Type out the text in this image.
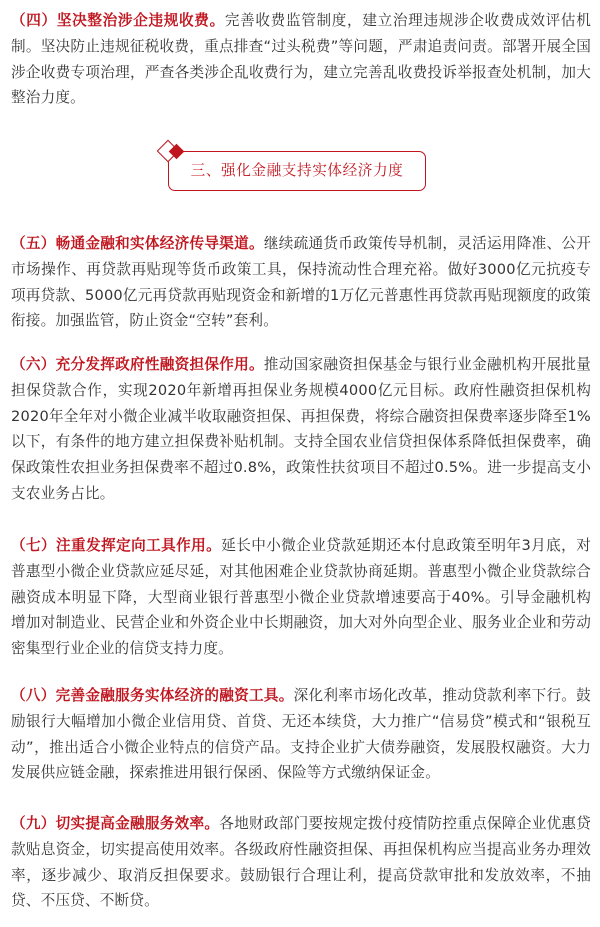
（四）坚决整治涉企违规收费。完善收费监管制度，建立治理违规涉企收费成效评估机制。坚决防止违规征税收费，重点排查“过头税费”等问题，严肃追责问责。部署开展全国涉企收费专项治理，严查各类涉企乱收费行为，建立完善乱收费投诉举报查处机制，加大整治力度。

三、强化金融支持实体经济力度

（五）畅通金融和实体经济传导渠道。继续疏通货币政策传导机制，灵活运用降准、公开市场操作、再贷款再贴现等货币政策工具，保持流动性合理充裕。做好3000亿元抗疫专项再贷款、5000亿元再贷款再贴现资金和新增的1万亿元普惠性再贷款再贴现额度的政策衔接。加强监管，防止资金“空转”套利。

（六）充分发挥政府性融资担保作用。推动国家融资担保基金与银行业金融机构开展批量担保贷款合作，实现2020年新增再担保业务规模4000亿元目标。政府性融资担保机构2020年全年对小微企业减半收取融资担保、再担保费，将综合融资担保费率逐步降至1%以下，有条件的地方建立担保费补贴机制。支持全国农业信贷担保体系降低担保费率，确保政策性农担业务担保费率不超过0.8%，政策性扶贫项目不超过0.5%。进一步提高支小支农业务占比。

（七）注重发挥定向工具作用。延长中小微企业贷款延期还本付息政策至明年3月底，对普惠型小微企业贷款应延尽延，对其他困难企业贷款协商延期。普惠型小微企业贷款综合融资成本明显下降，大型商业银行普惠型小微企业贷款增速要高于40%。引导金融机构增加对制造业、民营企业和外资企业中长期融资，加大对外向型企业、服务业企业和劳动密集型行业企业的信贷支持力度。

（八）完善金融服务实体经济的融资工具。深化利率市场化改革，推动贷款利率下行。鼓励银行大幅增加小微企业信用贷、首贷、无还本续贷，大力推广“信易贷”模式和“银税互动”，推出适合小微企业特点的信贷产品。支持企业扩大债券融资，发展股权融资。大力发展供应链金融，探索推进用银行保函、保险等方式缴纳保证金。

（九）切实提高金融服务效率。各地财政部门要按规定拨付疫情防控重点保障企业优惠贷款贴息资金，切实提高使用效率。各级政府性融资担保、再担保机构应当提高业务办理效率，逐步减少、取消反担保要求。鼓励银行合理让利，提高贷款审批和发放效率，不抽贷、不压贷、不断贷。
